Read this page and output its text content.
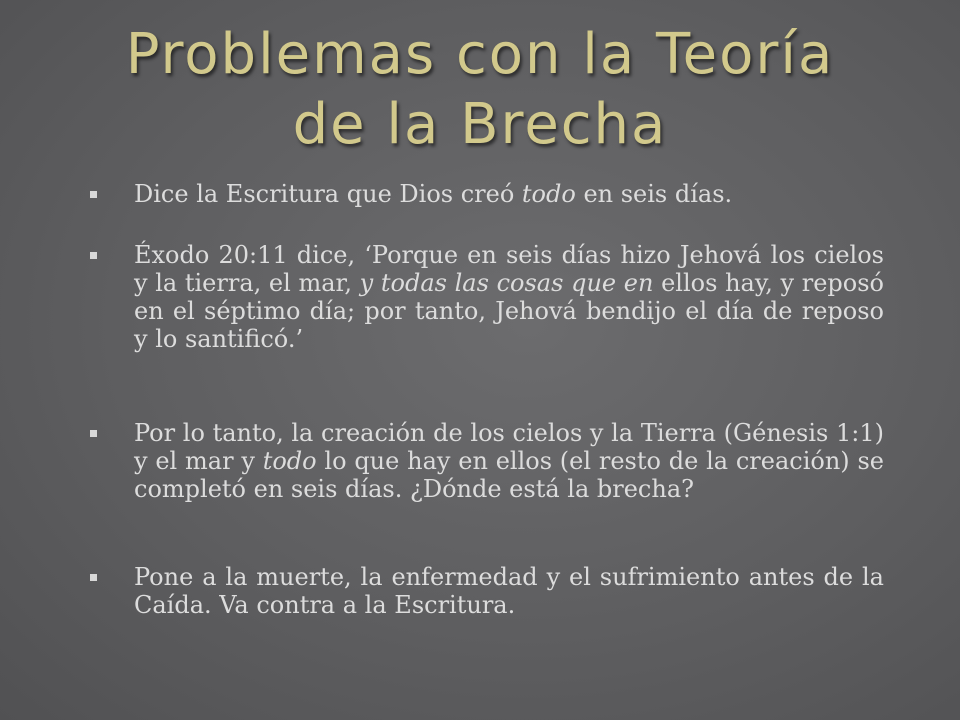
Problemas con la Teoría
de la Brecha
Dice la Escritura que Dios creó todo en seis días.
Éxodo 20:11 dice, ‘Porque en seis días hizo Jehová los cielos y la tierra, el mar, y todas las cosas que en ellos hay, y reposó en el séptimo día; por tanto, Jehová bendijo el día de reposo y lo santificó.’
Por lo tanto, la creación de los cielos y la Tierra (Génesis 1:1) y el mar y todo lo que hay en ellos (el resto de la creación) se completó en seis días. ¿Dónde está la brecha?
Pone a la muerte, la enfermedad y el sufrimiento antes de la Caída. Va contra a la Escritura.
